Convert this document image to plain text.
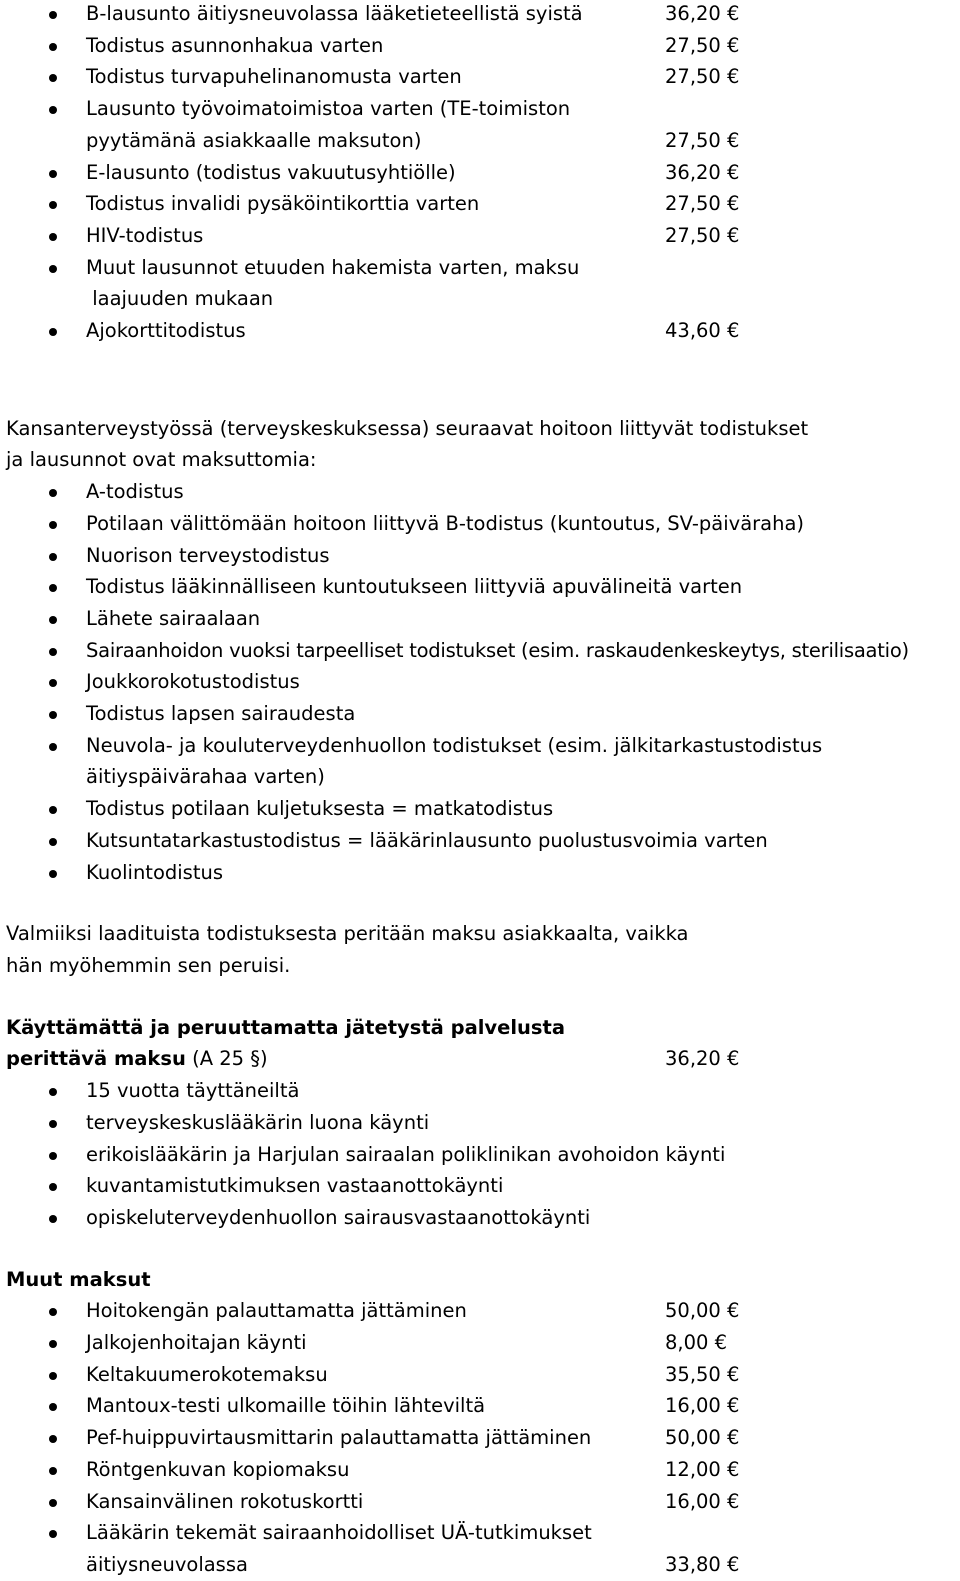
B-lausunto äitiysneuvolassa lääketieteellistä syistä	36,20 €
Todistus asunnonhakua varten	27,50 €
Todistus turvapuhelinanomusta varten	27,50 €
Lausunto työvoimatoimistoa varten (TE-toimiston
pyytämänä asiakkaalle maksuton)	27,50 €
E-lausunto (todistus vakuutusyhtiölle)	36,20 €
Todistus invalidi pysäköintikorttia varten	27,50 €
HIV-todistus	27,50 €
Muut lausunnot etuuden hakemista varten, maksu
laajuuden mukaan
Ajokorttitodistus	43,60 €

Kansanterveystyössä (terveyskeskuksessa) seuraavat hoitoon liittyvät todistukset
ja lausunnot ovat maksuttomia:

A-todistus
Potilaan välittömään hoitoon liittyvä B-todistus (kuntoutus, SV-päiväraha)
Nuorison terveystodistus
Todistus lääkinnälliseen kuntoutukseen liittyviä apuvälineitä varten
Lähete sairaalaan
Sairaanhoidon vuoksi tarpeelliset todistukset (esim. raskaudenkeskeytys, sterilisaatio)
Joukkorokotustodistus
Todistus lapsen sairaudesta
Neuvola- ja kouluterveydenhuollon todistukset (esim. jälkitarkastustodistus
äitiyspäivärahaa varten)
Todistus potilaan kuljetuksesta = matkatodistus
Kutsuntatarkastustodistus = lääkärinlausunto puolustusvoimia varten
Kuolintodistus

Valmiiksi laadituista todistuksesta peritään maksu asiakkaalta, vaikka
hän myöhemmin sen peruisi.

Käyttämättä ja peruuttamatta jätetystä palvelusta
perittävä maksu (A 25 §)	36,20 €
15 vuotta täyttäneiltä
terveyskeskuslääkärin luona käynti
erikoislääkärin ja Harjulan sairaalan poliklinikan avohoidon käynti
kuvantamistutkimuksen vastaanottokäynti
opiskeluterveydenhuollon sairausvastaanottokäynti
Muut maksut
Hoitokengän palauttamatta jättäminen	50,00 €
Jalkojenhoitajan käynti	8,00 €
Keltakuumerokotemaksu	35,50 €
Mantoux-testi ulkomaille töihin lähteviltä	16,00 €
Pef-huippuvirtausmittarin palauttamatta jättäminen	50,00 €
Röntgenkuvan kopiomaksu	12,00 €
Kansainvälinen rokotuskortti	16,00 €
Lääkärin tekemät sairaanhoidolliset UÄ-tutkimukset
äitiysneuvolassa	33,80 €
